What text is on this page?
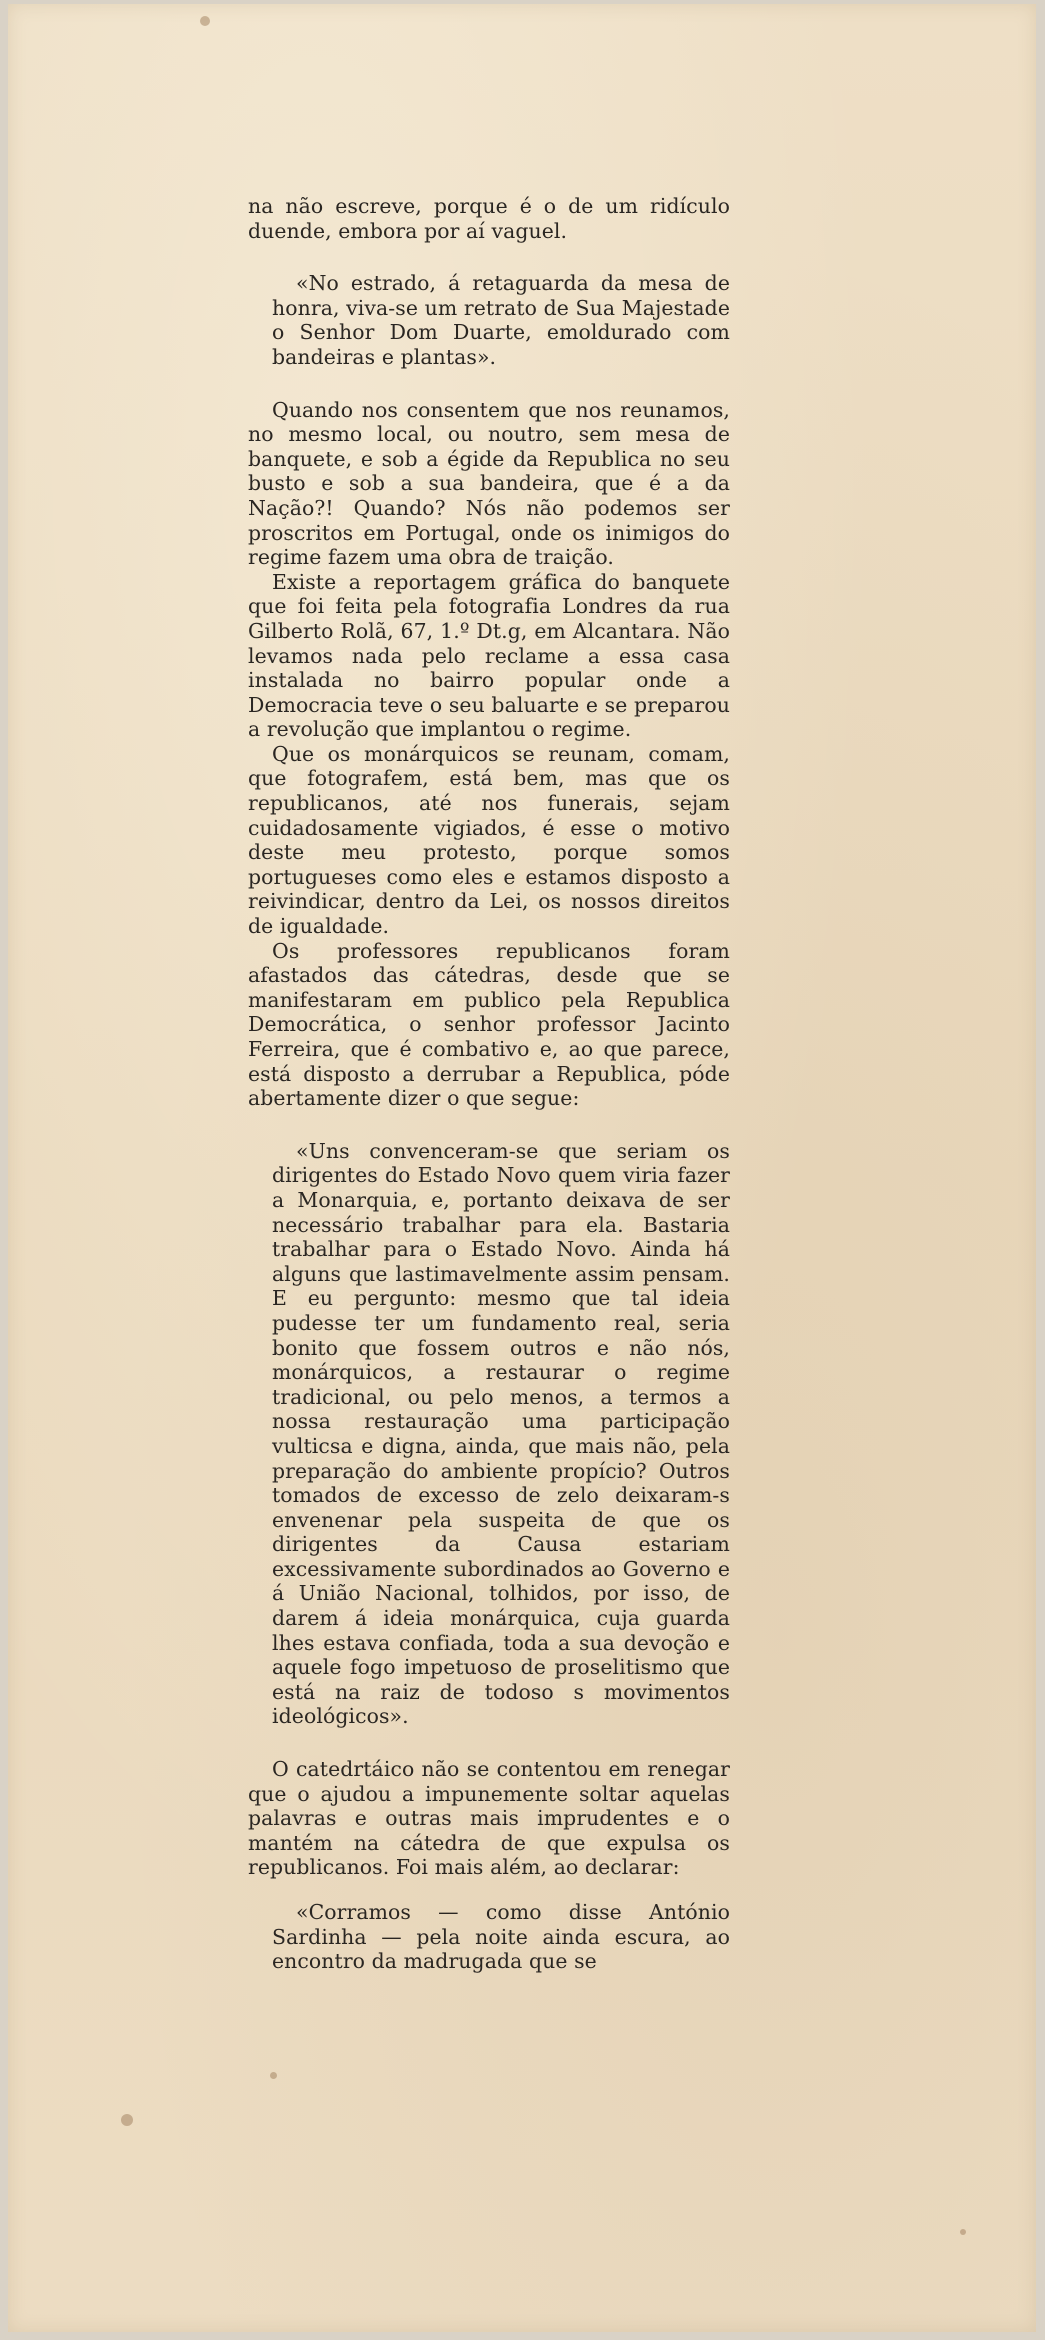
na não escreve, porque é o de um ridículo duende, embora por aí vaguel.

«No estrado, á retaguarda da mesa de honra, viva-se um retrato de Sua Majestade o Senhor Dom Duarte, emoldurado com bandeiras e plantas».

Quando nos consentem que nos reunamos, no mesmo local, ou noutro, sem mesa de banquete, e sob a égide da Republica no seu busto e sob a sua bandeira, que é a da Nação?! Quando? Nós não podemos ser proscritos em Portugal, onde os inimigos do regime fazem uma obra de traição.

Existe a reportagem gráfica do banquete que foi feita pela fotografia Londres da rua Gilberto Rolã, 67, 1.º Dt.g, em Alcantara. Não levamos nada pelo reclame a essa casa instalada no bairro popular onde a Democracia teve o seu baluarte e se preparou a revolução que implantou o regime.

Que os monárquicos se reunam, comam, que fotografem, está bem, mas que os republicanos, até nos funerais, sejam cuidadosamente vigiados, é esse o motivo deste meu protesto, porque somos portugueses como eles e estamos disposto a reivindicar, dentro da Lei, os nossos direitos de igualdade.

Os professores republicanos foram afastados das cátedras, desde que se manifestaram em publico pela Republica Democrática, o senhor professor Jacinto Ferreira, que é combativo e, ao que parece, está disposto a derrubar a Republica, póde abertamente dizer o que segue:

«Uns convenceram-se que seriam os dirigentes do Estado Novo quem viria fazer a Monarquia, e, portanto deixava de ser necessário trabalhar para ela. Bastaria trabalhar para o Estado Novo. Ainda há alguns que lastimavelmente assim pensam. E eu pergunto: mesmo que tal ideia pudesse ter um fundamento real, seria bonito que fossem outros e não nós, monárquicos, a restaurar o regime tradicional, ou pelo menos, a termos a nossa restauração uma participação vulticsa e digna, ainda, que mais não, pela preparação do ambiente propício? Outros tomados de excesso de zelo deixaram-s envenenar pela suspeita de que os dirigentes da Causa estariam excessivamente subordinados ao Governo e á União Nacional, tolhidos, por isso, de darem á ideia monárquica, cuja guarda lhes estava confiada, toda a sua devoção e aquele fogo impetuoso de proselitismo que está na raiz de todoso s movimentos ideológicos».

O catedrtáico não se contentou em renegar que o ajudou a impunemente soltar aquelas palavras e outras mais imprudentes e o mantém na cátedra de que expulsa os republicanos. Foi mais além, ao declarar:

«Corramos — como disse António Sardinha — pela noite ainda escura, ao encontro da madrugada que se
